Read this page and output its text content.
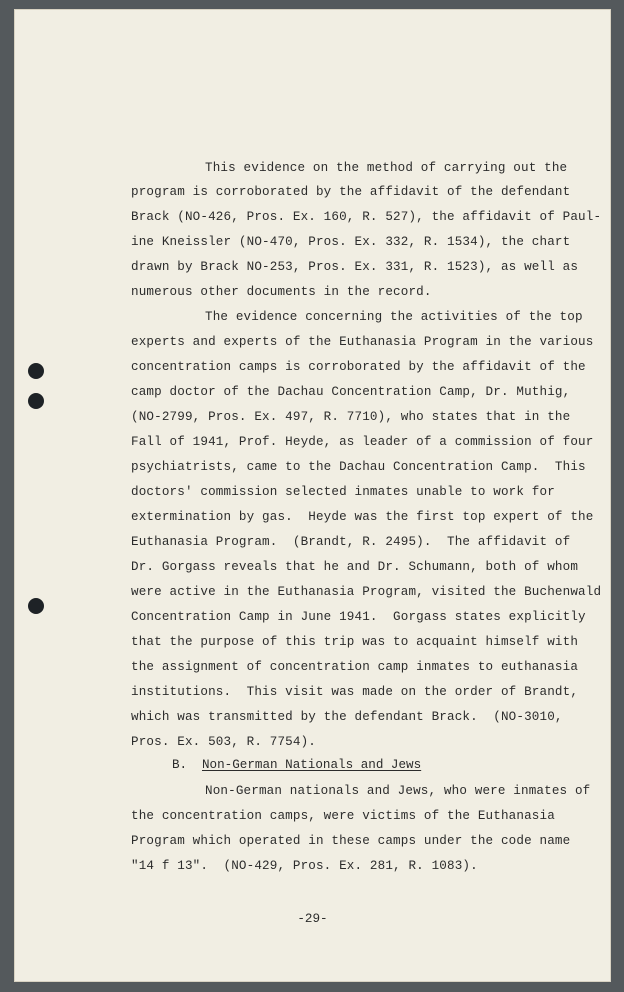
This evidence on the method of carrying out the

program is corroborated by the affidavit of the defendant

Brack (NO-426, Pros. Ex. 160, R. 527), the affidavit of Paul-

ine Kneissler (NO-470, Pros. Ex. 332, R. 1534), the chart

drawn by Brack NO-253, Pros. Ex. 331, R. 1523), as well as

numerous other documents in the record.

The evidence concerning the activities of the top

experts and experts of the Euthanasia Program in the various

concentration camps is corroborated by the affidavit of the

camp doctor of the Dachau Concentration Camp, Dr. Muthig,

(NO-2799, Pros. Ex. 497, R. 7710), who states that in the

Fall of 1941, Prof. Heyde, as leader of a commission of four

psychiatrists, came to the Dachau Concentration Camp.  This

doctors' commission selected inmates unable to work for

extermination by gas.  Heyde was the first top expert of the

Euthanasia Program.  (Brandt, R. 2495).  The affidavit of

Dr. Gorgass reveals that he and Dr. Schumann, both of whom

were active in the Euthanasia Program, visited the Buchenwald

Concentration Camp in June 1941.  Gorgass states explicitly

that the purpose of this trip was to acquaint himself with

the assignment of concentration camp inmates to euthanasia

institutions.  This visit was made on the order of Brandt,

which was transmitted by the defendant Brack.  (NO-3010,

Pros. Ex. 503, R. 7754).

B. Non-German Nationals and Jews

Non-German nationals and Jews, who were inmates of

the concentration camps, were victims of the Euthanasia

Program which operated in these camps under the code name

"14 f 13".  (NO-429, Pros. Ex. 281, R. 1083).

-29-
